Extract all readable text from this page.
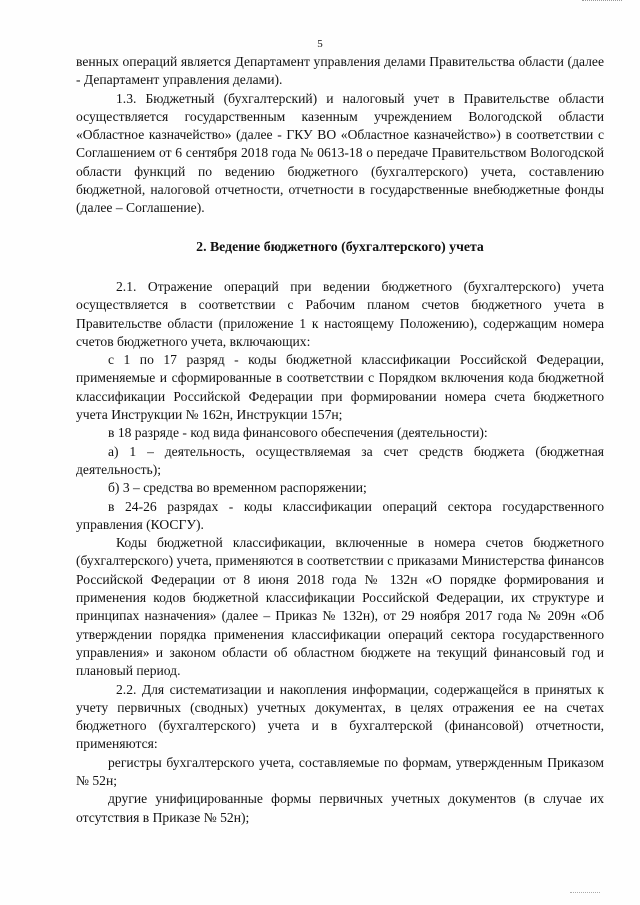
5

венных операций является Департамент управления делами Правительства области (далее - Департамент управления делами).

1.3. Бюджетный (бухгалтерский) и налоговый учет в Правительстве области осуществляется государственным казенным учреждением Вологодской области «Областное казначейство» (далее - ГКУ ВО «Областное казначейство») в соответствии с Соглашением от 6 сентября 2018 года № 0613-18 о передаче Правительством Вологодской области функций по ведению бюджетного (бухгалтерского) учета, составлению бюджетной, налоговой отчетности, отчетности в государственные внебюджетные фонды (далее – Соглашение).

2. Ведение бюджетного (бухгалтерского) учета

2.1. Отражение операций при ведении бюджетного (бухгалтерского) учета осуществляется в соответствии с Рабочим планом счетов бюджетного учета в Правительстве области (приложение 1 к настоящему Положению), содержащим номера счетов бюджетного учета, включающих:

с 1 по 17 разряд - коды бюджетной классификации Российской Федерации, применяемые и сформированные в соответствии с Порядком включения кода бюджетной классификации Российской Федерации при формировании номера счета бюджетного учета Инструкции № 162н, Инструкции 157н;

в 18 разряде - код вида финансового обеспечения (деятельности):

а) 1 – деятельность, осуществляемая за счет средств бюджета (бюджетная деятельность);

б) 3 – средства во временном распоряжении;

в 24-26 разрядах - коды классификации операций сектора государственного управления (КОСГУ).

Коды бюджетной классификации, включенные в номера счетов бюджетного (бухгалтерского) учета, применяются в соответствии с приказами Министерства финансов Российской Федерации от 8 июня 2018 года № 132н «О порядке формирования и применения кодов бюджетной классификации Российской Федерации, их структуре и принципах назначения» (далее – Приказ № 132н), от 29 ноября 2017 года № 209н «Об утверждении порядка применения классификации операций сектора государственного управления» и законом области об областном бюджете на текущий финансовый год и плановый период.

2.2. Для систематизации и накопления информации, содержащейся в принятых к учету первичных (сводных) учетных документах, в целях отражения ее на счетах бюджетного (бухгалтерского) учета и в бухгалтерской (финансовой) отчетности, применяются:

регистры бухгалтерского учета, составляемые по формам, утвержденным Приказом № 52н;

другие унифицированные формы первичных учетных документов (в случае их отсутствия в Приказе № 52н);
